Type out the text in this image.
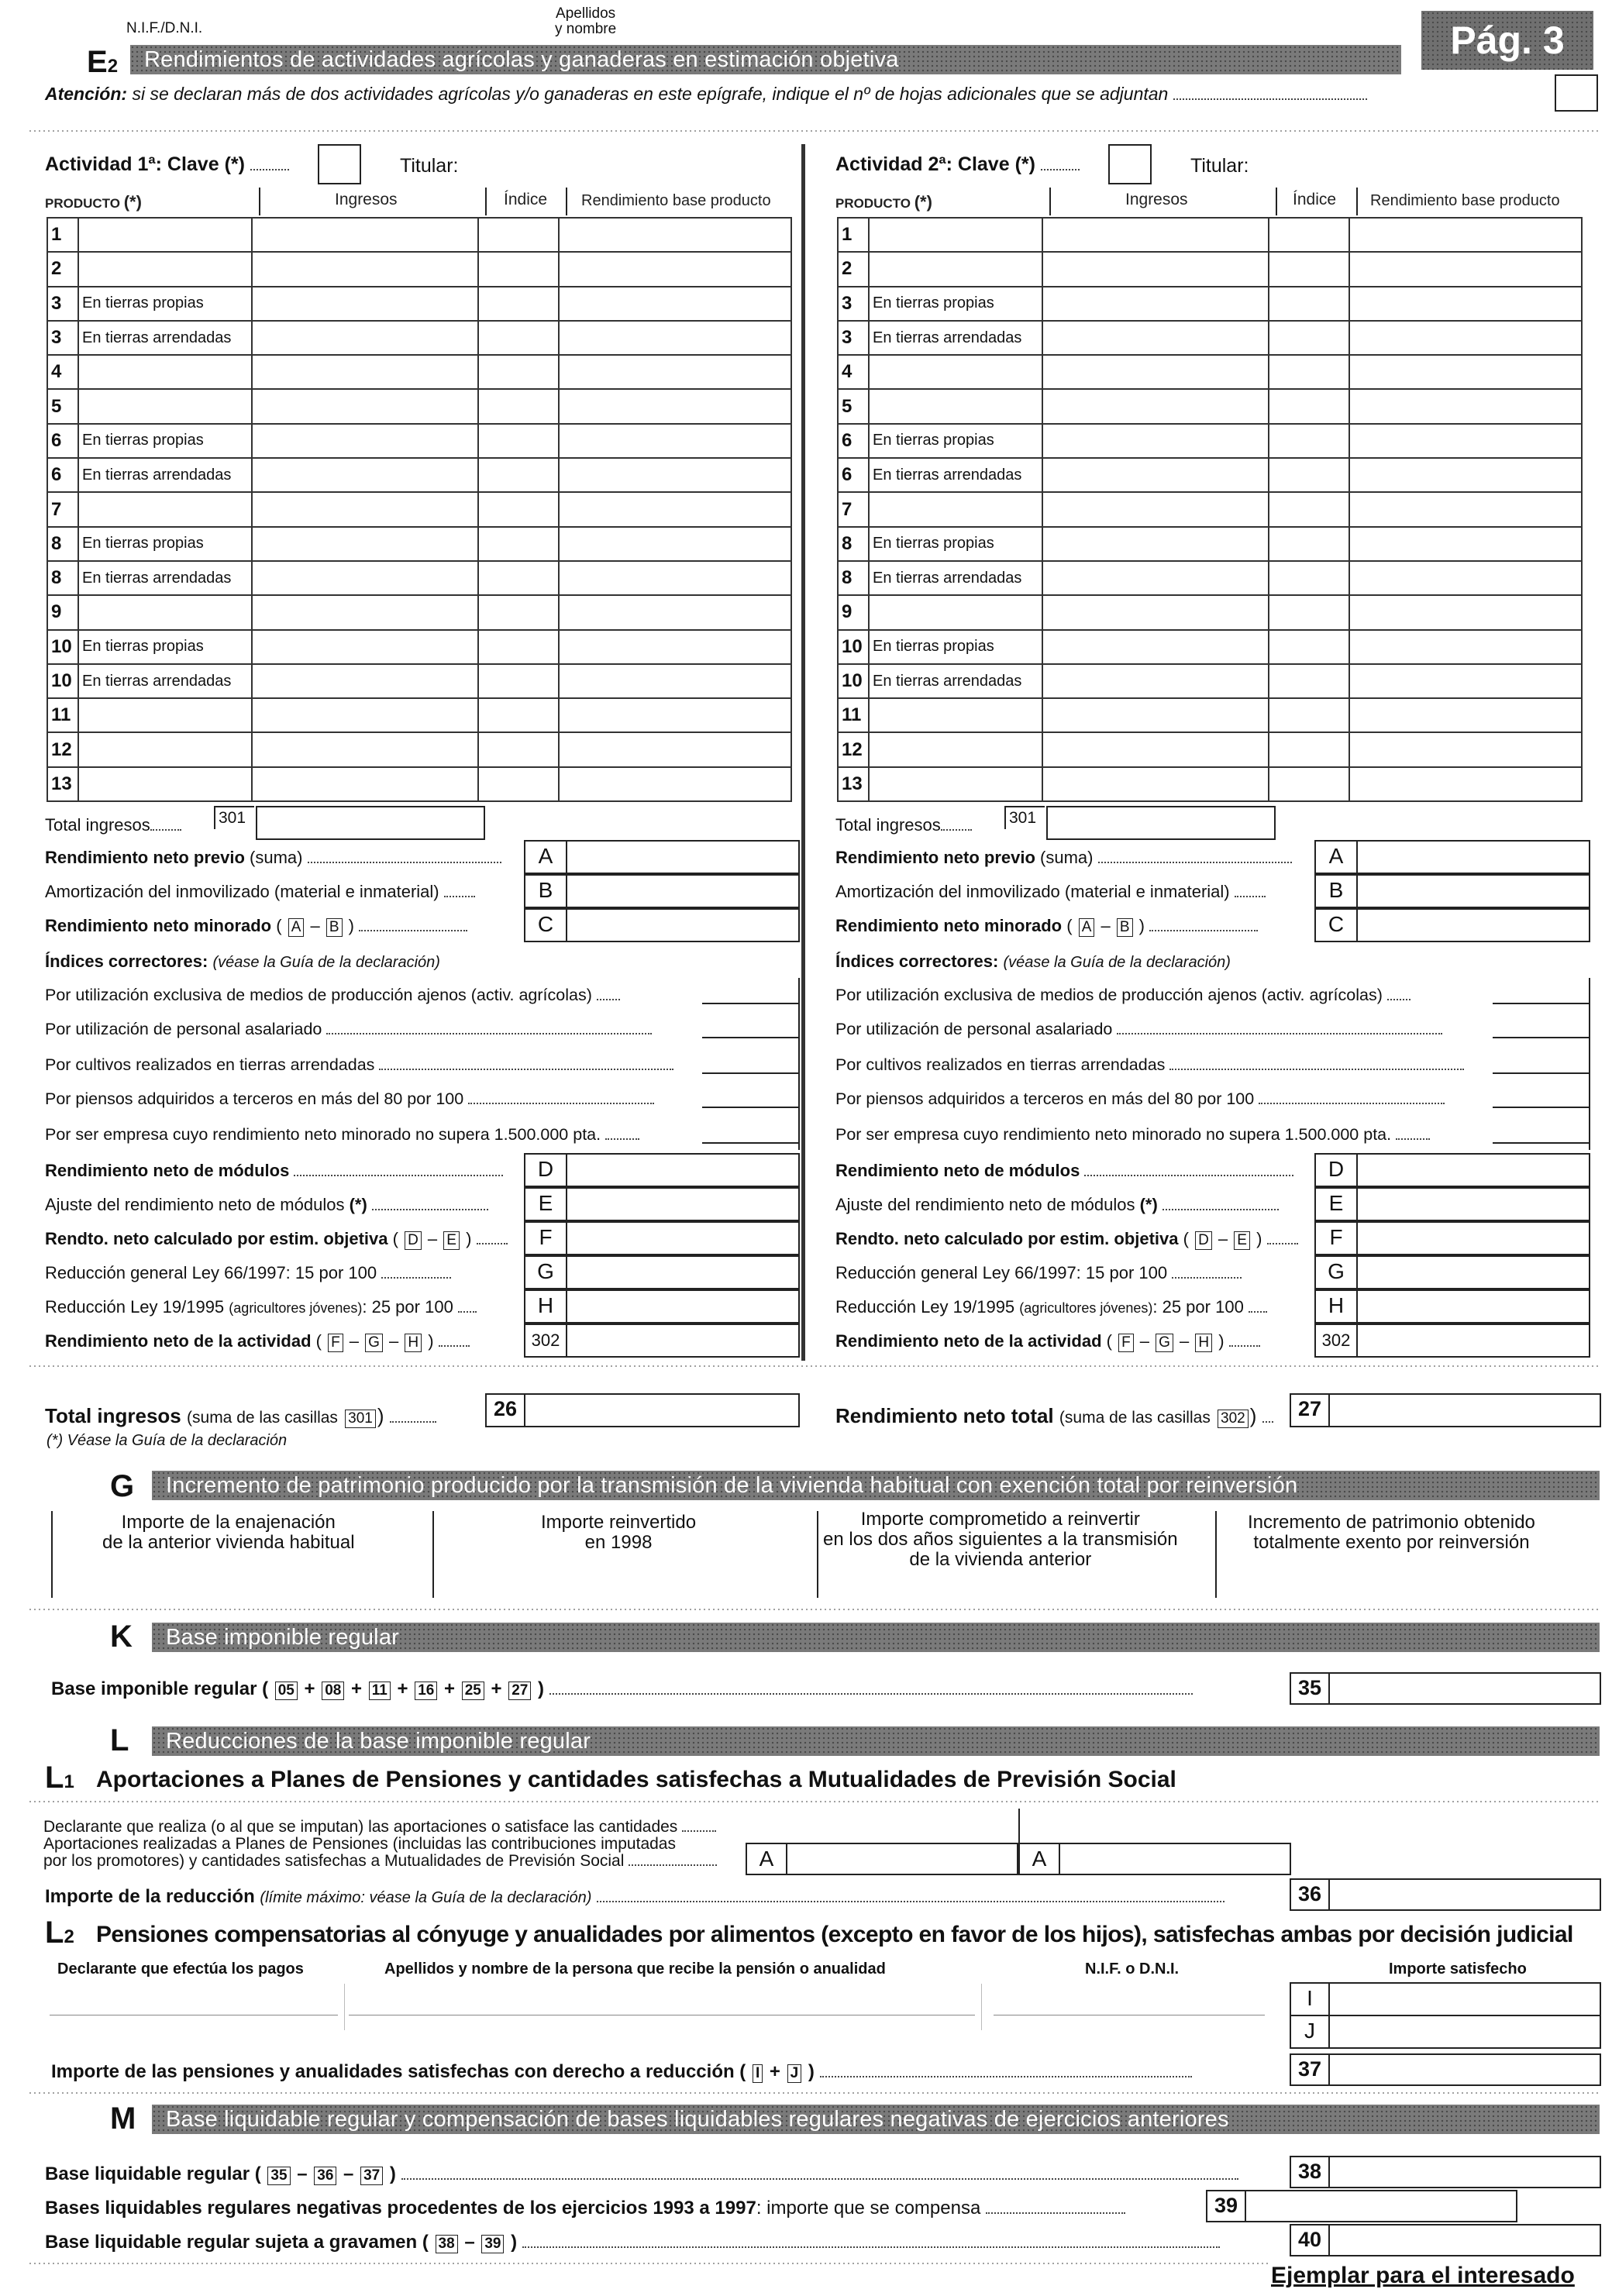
N.I.F./D.N.I.
Apellidos
y nombre
E2	Rendimientos de actividades agrícolas y ganaderas en estimación objetiva	Pág. 3
Atención: si se declaran más de dos actividades agrícolas y/o ganaderas en este epígrafe, indique el nº de hojas adicionales que se adjuntan
Actividad 1ª: Clave (*)	Titular:	Actividad 2ª: Clave (*)	Titular:
PRODUCTO (*)	Ingresos	Índice Rendimiento base producto	PRODUCTO (*)	Ingresos	Índice Rendimiento base producto
1				
2				
3	En tierras propias			
3	En tierras arrendadas			
4				
5				
6	En tierras propias			
6	En tierras arrendadas			
7				
8	En tierras propias			
8	En tierras arrendadas			
9				
10	En tierras propias			
10	En tierras arrendadas			
11				
12				
13				
1				
2				
3	En tierras propias			
3	En tierras arrendadas			
4				
5				
6	En tierras propias			
6	En tierras arrendadas			
7				
8	En tierras propias			
8	En tierras arrendadas			
9				
10	En tierras propias			
10	En tierras arrendadas			
11				
12				
13				
Total ingresos	301
Rendimiento neto previo (suma)	A
Amortización del inmovilizado (material e inmaterial)	B
Rendimiento neto minorado ( A – B )	C
Índices correctores: (véase la Guía de la declaración)
Por utilización exclusiva de medios de producción ajenos (activ. agrícolas)
Por utilización de personal asalariado
Por cultivos realizados en tierras arrendadas
Por piensos adquiridos a terceros en más del 80 por 100
Por ser empresa cuyo rendimiento neto minorado no supera 1.500.000 pta.
Rendimiento neto de módulos	D
Ajuste del rendimiento neto de módulos (*)	E
Rendto. neto calculado por estim. objetiva ( D – E )	F
Reducción general Ley 66/1997: 15 por 100	G
Reducción Ley 19/1995 (agricultores jóvenes): 25 por 100	H
Rendimiento neto de la actividad ( F – G – H )	302
Total ingresos	301
Rendimiento neto previo (suma)	A
Amortización del inmovilizado (material e inmaterial)	B
Rendimiento neto minorado ( A – B )	C
Índices correctores: (véase la Guía de la declaración)
Por utilización exclusiva de medios de producción ajenos (activ. agrícolas)
Por utilización de personal asalariado
Por cultivos realizados en tierras arrendadas
Por piensos adquiridos a terceros en más del 80 por 100
Por ser empresa cuyo rendimiento neto minorado no supera 1.500.000 pta.
Rendimiento neto de módulos	D
Ajuste del rendimiento neto de módulos (*)	E
Rendto. neto calculado por estim. objetiva ( D – E )	F
Reducción general Ley 66/1997: 15 por 100	G
Reducción Ley 19/1995 (agricultores jóvenes): 25 por 100	H
Rendimiento neto de la actividad ( F – G – H )	302
Total ingresos (suma de las casillas 301 )	26	Rendimiento neto total (suma de las casillas 302 )	27
(*) Véase la Guía de la declaración
G	Incremento de patrimonio producido por la transmisión de la vivienda habitual con exención total por reinversión
Importe de la enajenación
de la anterior vivienda habitual
Importe reinvertido
en 1998
Importe comprometido a reinvertir
en los dos años siguientes a la transmisión
de la vivienda anterior
Incremento de patrimonio obtenido
totalmente exento por reinversión
K	Base imponible regular
Base imponible regular ( 05 + 08 + 11 + 16 + 25 + 27 )	35
L	Reducciones de la base imponible regular
L1 Aportaciones a Planes de Pensiones y cantidades satisfechas a Mutualidades de Previsión Social
Declarante que realiza (o al que se imputan) las aportaciones o satisface las cantidades
Aportaciones realizadas a Planes de Pensiones (incluidas las contribuciones imputadas
por los promotores) y cantidades satisfechas a Mutualidades de Previsión Social	A	A
Importe de la reducción (límite máximo: véase la Guía de la declaración)	36
L2 Pensiones compensatorias al cónyuge y anualidades por alimentos (excepto en favor de los hijos), satisfechas ambas por decisión judicial
Declarante que efectúa los pagos	Apellidos y nombre de la persona que recibe la pensión o anualidad	N.I.F. o D.N.I.	Importe satisfecho
I
J
Importe de las pensiones y anualidades satisfechas con derecho a reducción ( I + J )	37
M	Base liquidable regular y compensación de bases liquidables regulares negativas de ejercicios anteriores
Base liquidable regular ( 35 – 36 – 37 )	38
Bases liquidables regulares negativas procedentes de los ejercicios 1993 a 1997: importe que se compensa	39
Base liquidable regular sujeta a gravamen ( 38 – 39 )	40
Ejemplar para el interesado
